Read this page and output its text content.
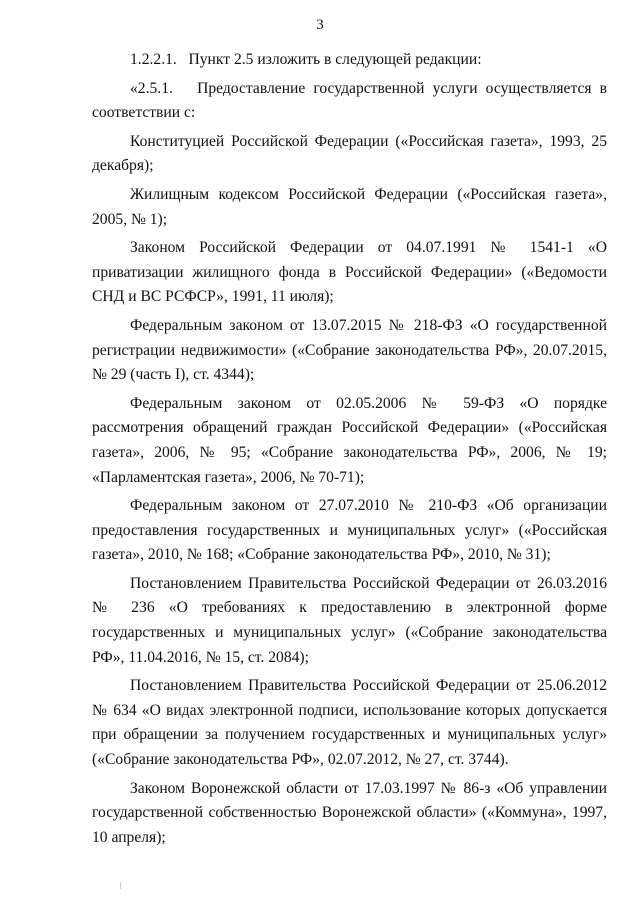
3

1.2.2.1.   Пункт 2.5 изложить в следующей редакции:

«2.5.1.   Предоставление государственной услуги осуществляется в соответствии с:

Конституцией Российской Федерации («Российская газета», 1993, 25 декабря);

Жилищным кодексом Российской Федерации («Российская газета», 2005, № 1);

Законом Российской Федерации от 04.07.1991 № 1541-1 «О приватизации жилищного фонда в Российской Федерации» («Ведомости СНД и ВС РСФСР», 1991, 11 июля);

Федеральным законом от 13.07.2015 № 218-ФЗ «О государственной регистрации недвижимости» («Собрание законодательства РФ», 20.07.2015, № 29 (часть I), ст. 4344);

Федеральным законом от 02.05.2006 № 59-ФЗ «О порядке рассмотрения обращений граждан Российской Федерации» («Российская газета», 2006, № 95; «Собрание законодательства РФ», 2006, № 19; «Парламентская газета», 2006, № 70-71);

Федеральным законом от 27.07.2010 № 210-ФЗ «Об организации предоставления государственных и муниципальных услуг» («Российская газета», 2010, № 168; «Собрание законодательства РФ», 2010, № 31);

Постановлением Правительства Российской Федерации от 26.03.2016 № 236 «О требованиях к предоставлению в электронной форме государственных и муниципальных услуг» («Собрание законодательства РФ», 11.04.2016, № 15, ст. 2084);

Постановлением Правительства Российской Федерации от 25.06.2012 № 634 «О видах электронной подписи, использование которых допускается при обращении за получением государственных и муниципальных услуг» («Собрание законодательства РФ», 02.07.2012, № 27, ст. 3744).

Законом Воронежской области от 17.03.1997 № 86-з «Об управлении государственной собственностью Воронежской области» («Коммуна», 1997, 10 апреля);
